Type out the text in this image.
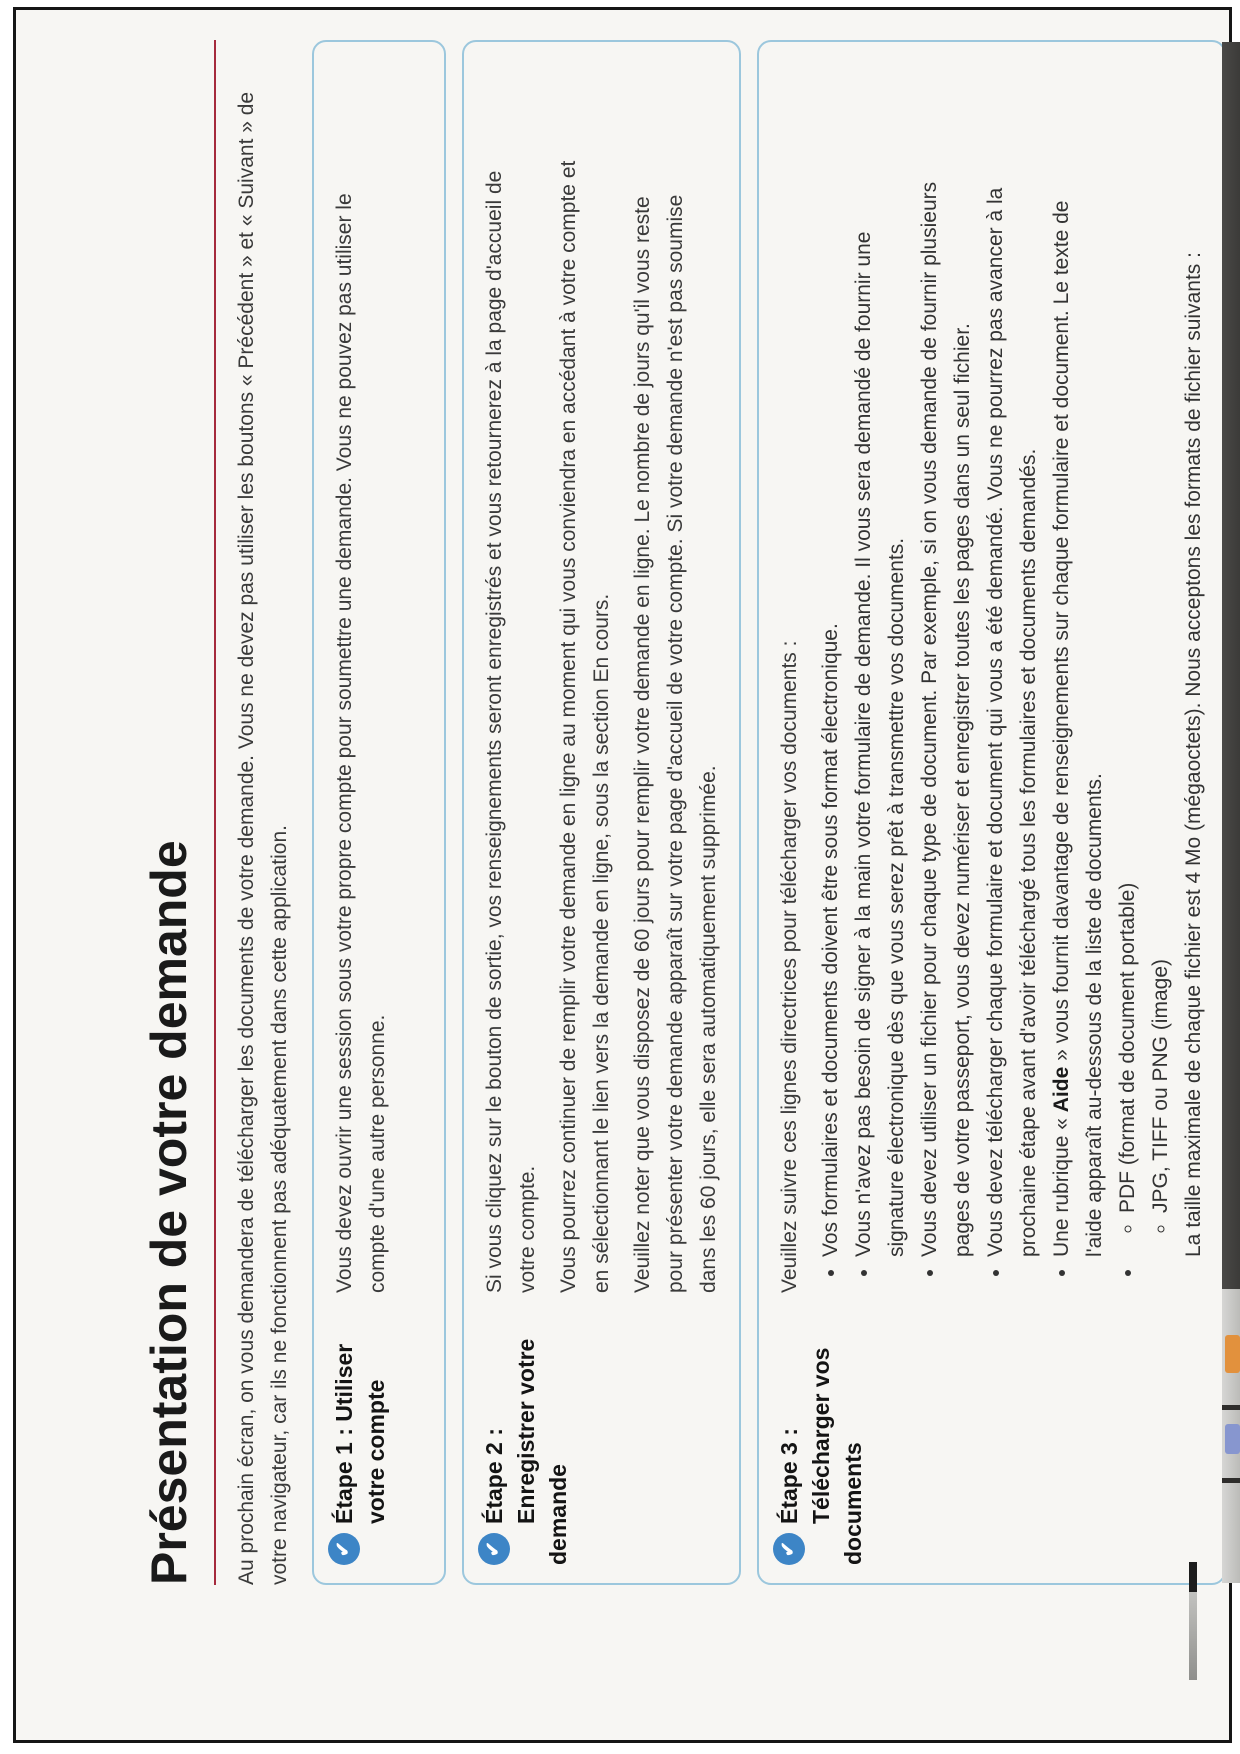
Présentation de votre demande	Au prochain écran, on vous demandera de télécharger les documents de votre demande. Vous ne devez pas utiliser les boutons « Précédent » et « Suivant » de votre navigateur, car ils ne fonctionnent pas adéquatement dans cette application. ✔
Étape 1 : Utiliser votre compte

Vous devez ouvrir une session sous votre propre compte pour soumettre une demande. Vous ne pouvez pas utiliser le compte d'une autre personne.

✔
Étape 2 : Enregistrer votre demande

Si vous cliquez sur le bouton de sortie, vos renseignements seront enregistrés et vous retournerez à la page d'accueil de votre compte. Vous pourrez continuer de remplir votre demande en ligne au moment qui vous conviendra en accédant à votre compte et en sélectionnant le lien vers la demande en ligne, sous la section En cours. Veuillez noter que vous disposez de 60 jours pour remplir votre demande en ligne. Le nombre de jours qu'il vous reste pour présenter votre demande apparaît sur votre page d'accueil de votre compte. Si votre demande n'est pas soumise dans les 60 jours, elle sera automatiquement supprimée.

✔
Étape 3 : Télécharger vos documents

Veuillez suivre ces lignes directrices pour télécharger vos documents : • Vos formulaires et documents doivent être sous format électronique. • Vous n'avez pas besoin de signer à la main votre formulaire de demande. Il vous sera demandé de fournir une signature électronique dès que vous serez prêt à transmettre vos documents. • Vous devez utiliser un fichier pour chaque type de document. Par exemple, si on vous demande de fournir plusieurs pages de votre passeport, vous devez numériser et enregistrer toutes les pages dans un seul fichier. • Vous devez télécharger chaque formulaire et document qui vous a été demandé. Vous ne pourrez pas avancer à la prochaine étape avant d'avoir téléchargé tous les formulaires et documents demandés. • Une rubrique « Aide » vous fournit davantage de renseignements sur chaque formulaire et document. Le texte de l'aide apparaît au-dessous de la liste de documents. ◦ • PDF (format de document portable) ◦ JPG, TIFF ou PNG (image) La taille maximale de chaque fichier est 4 Mo (mégaoctets). Nous acceptons les formats de fichier suivants :
